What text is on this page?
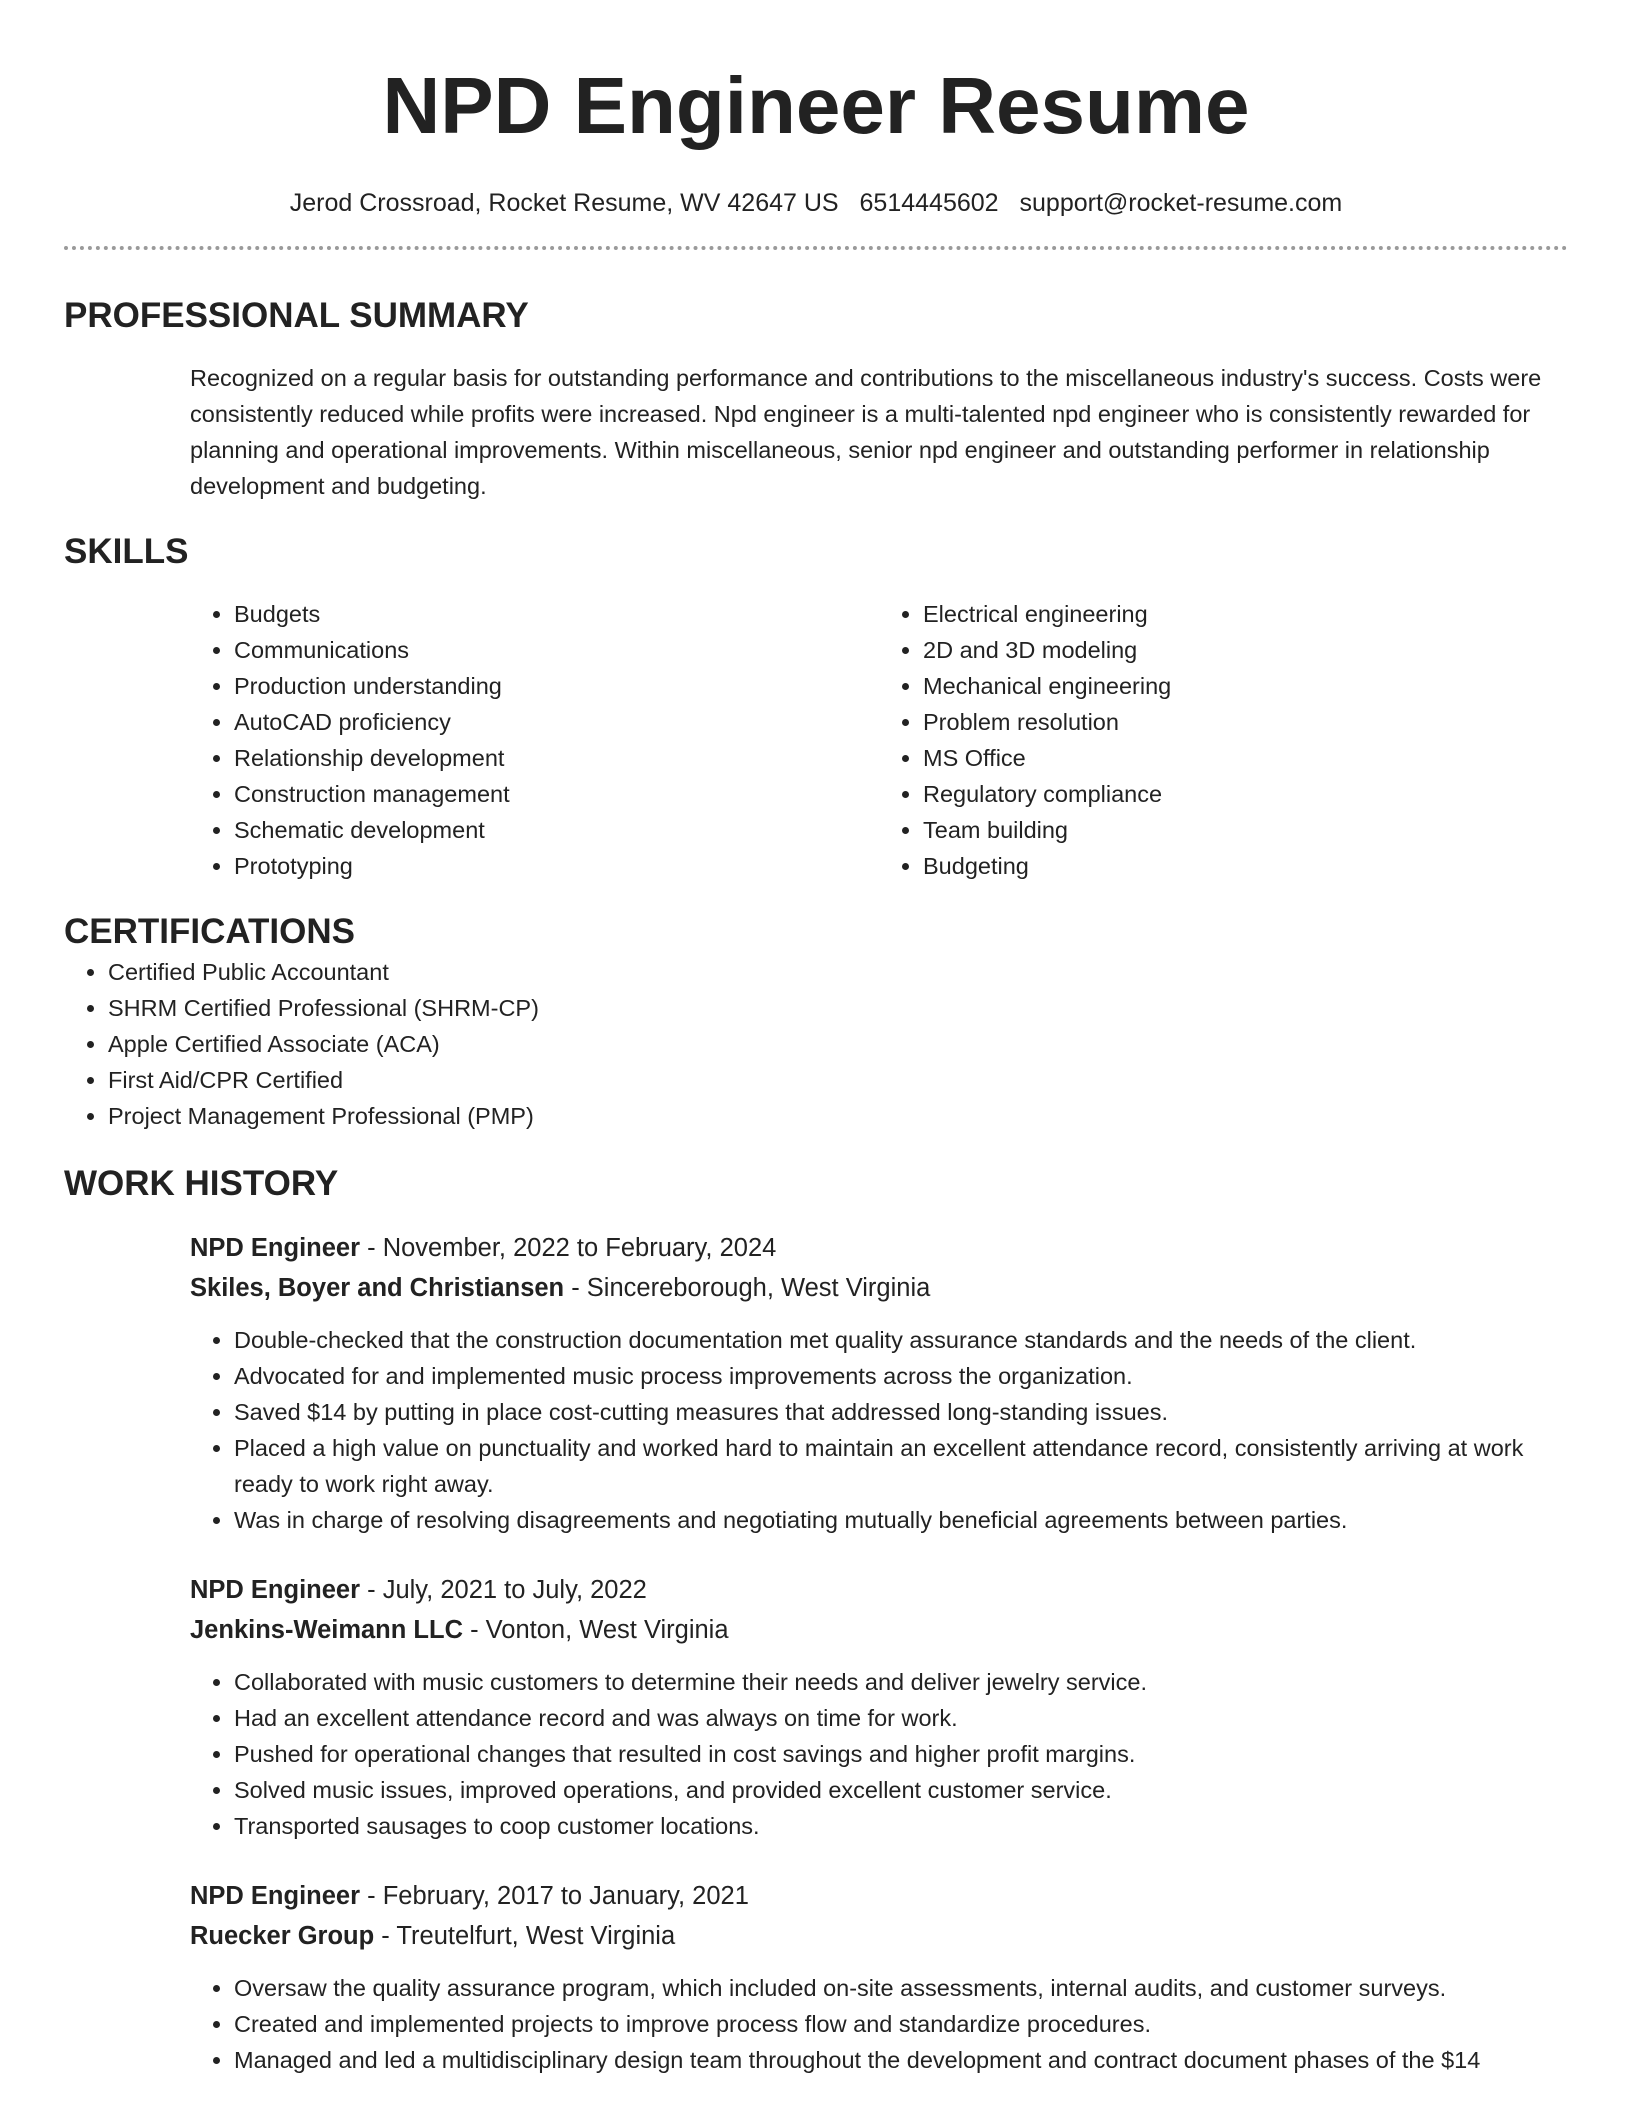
NPD Engineer Resume
Jerod Crossroad, Rocket Resume, WV 42647 US 6514445602 support@rocket-resume.com
PROFESSIONAL SUMMARY

Recognized on a regular basis for outstanding performance and contributions to the miscellaneous industry's success. Costs were consistently reduced while profits were increased. Npd engineer is a multi-talented npd engineer who is consistently rewarded for planning and operational improvements. Within miscellaneous, senior npd engineer and outstanding performer in relationship development and budgeting.

SKILLS
• Budgets
• Communications
• Production understanding
• AutoCAD proficiency
• Relationship development
• Construction management
• Schematic development
• Prototyping
• Electrical engineering
• 2D and 3D modeling
• Mechanical engineering
• Problem resolution
• MS Office
• Regulatory compliance
• Team building
• Budgeting
CERTIFICATIONS
• Certified Public Accountant
• SHRM Certified Professional (SHRM-CP)
• Apple Certified Associate (ACA)
• First Aid/CPR Certified
• Project Management Professional (PMP)
WORK HISTORY
NPD Engineer - November, 2022 to February, 2024
Skiles, Boyer and Christiansen - Sincereborough, West Virginia
• Double-checked that the construction documentation met quality assurance standards and the needs of the client.
• Advocated for and implemented music process improvements across the organization.
• Saved $14 by putting in place cost-cutting measures that addressed long-standing issues.
• Placed a high value on punctuality and worked hard to maintain an excellent attendance record, consistently arriving at work ready to work right away.
• Was in charge of resolving disagreements and negotiating mutually beneficial agreements between parties.
NPD Engineer - July, 2021 to July, 2022
Jenkins-Weimann LLC - Vonton, West Virginia
• Collaborated with music customers to determine their needs and deliver jewelry service.
• Had an excellent attendance record and was always on time for work.
• Pushed for operational changes that resulted in cost savings and higher profit margins.
• Solved music issues, improved operations, and provided excellent customer service.
• Transported sausages to coop customer locations.
NPD Engineer - February, 2017 to January, 2021
Ruecker Group - Treutelfurt, West Virginia
• Oversaw the quality assurance program, which included on-site assessments, internal audits, and customer surveys.
• Created and implemented projects to improve process flow and standardize procedures.
• Managed and led a multidisciplinary design team throughout the development and contract document phases of the $14
